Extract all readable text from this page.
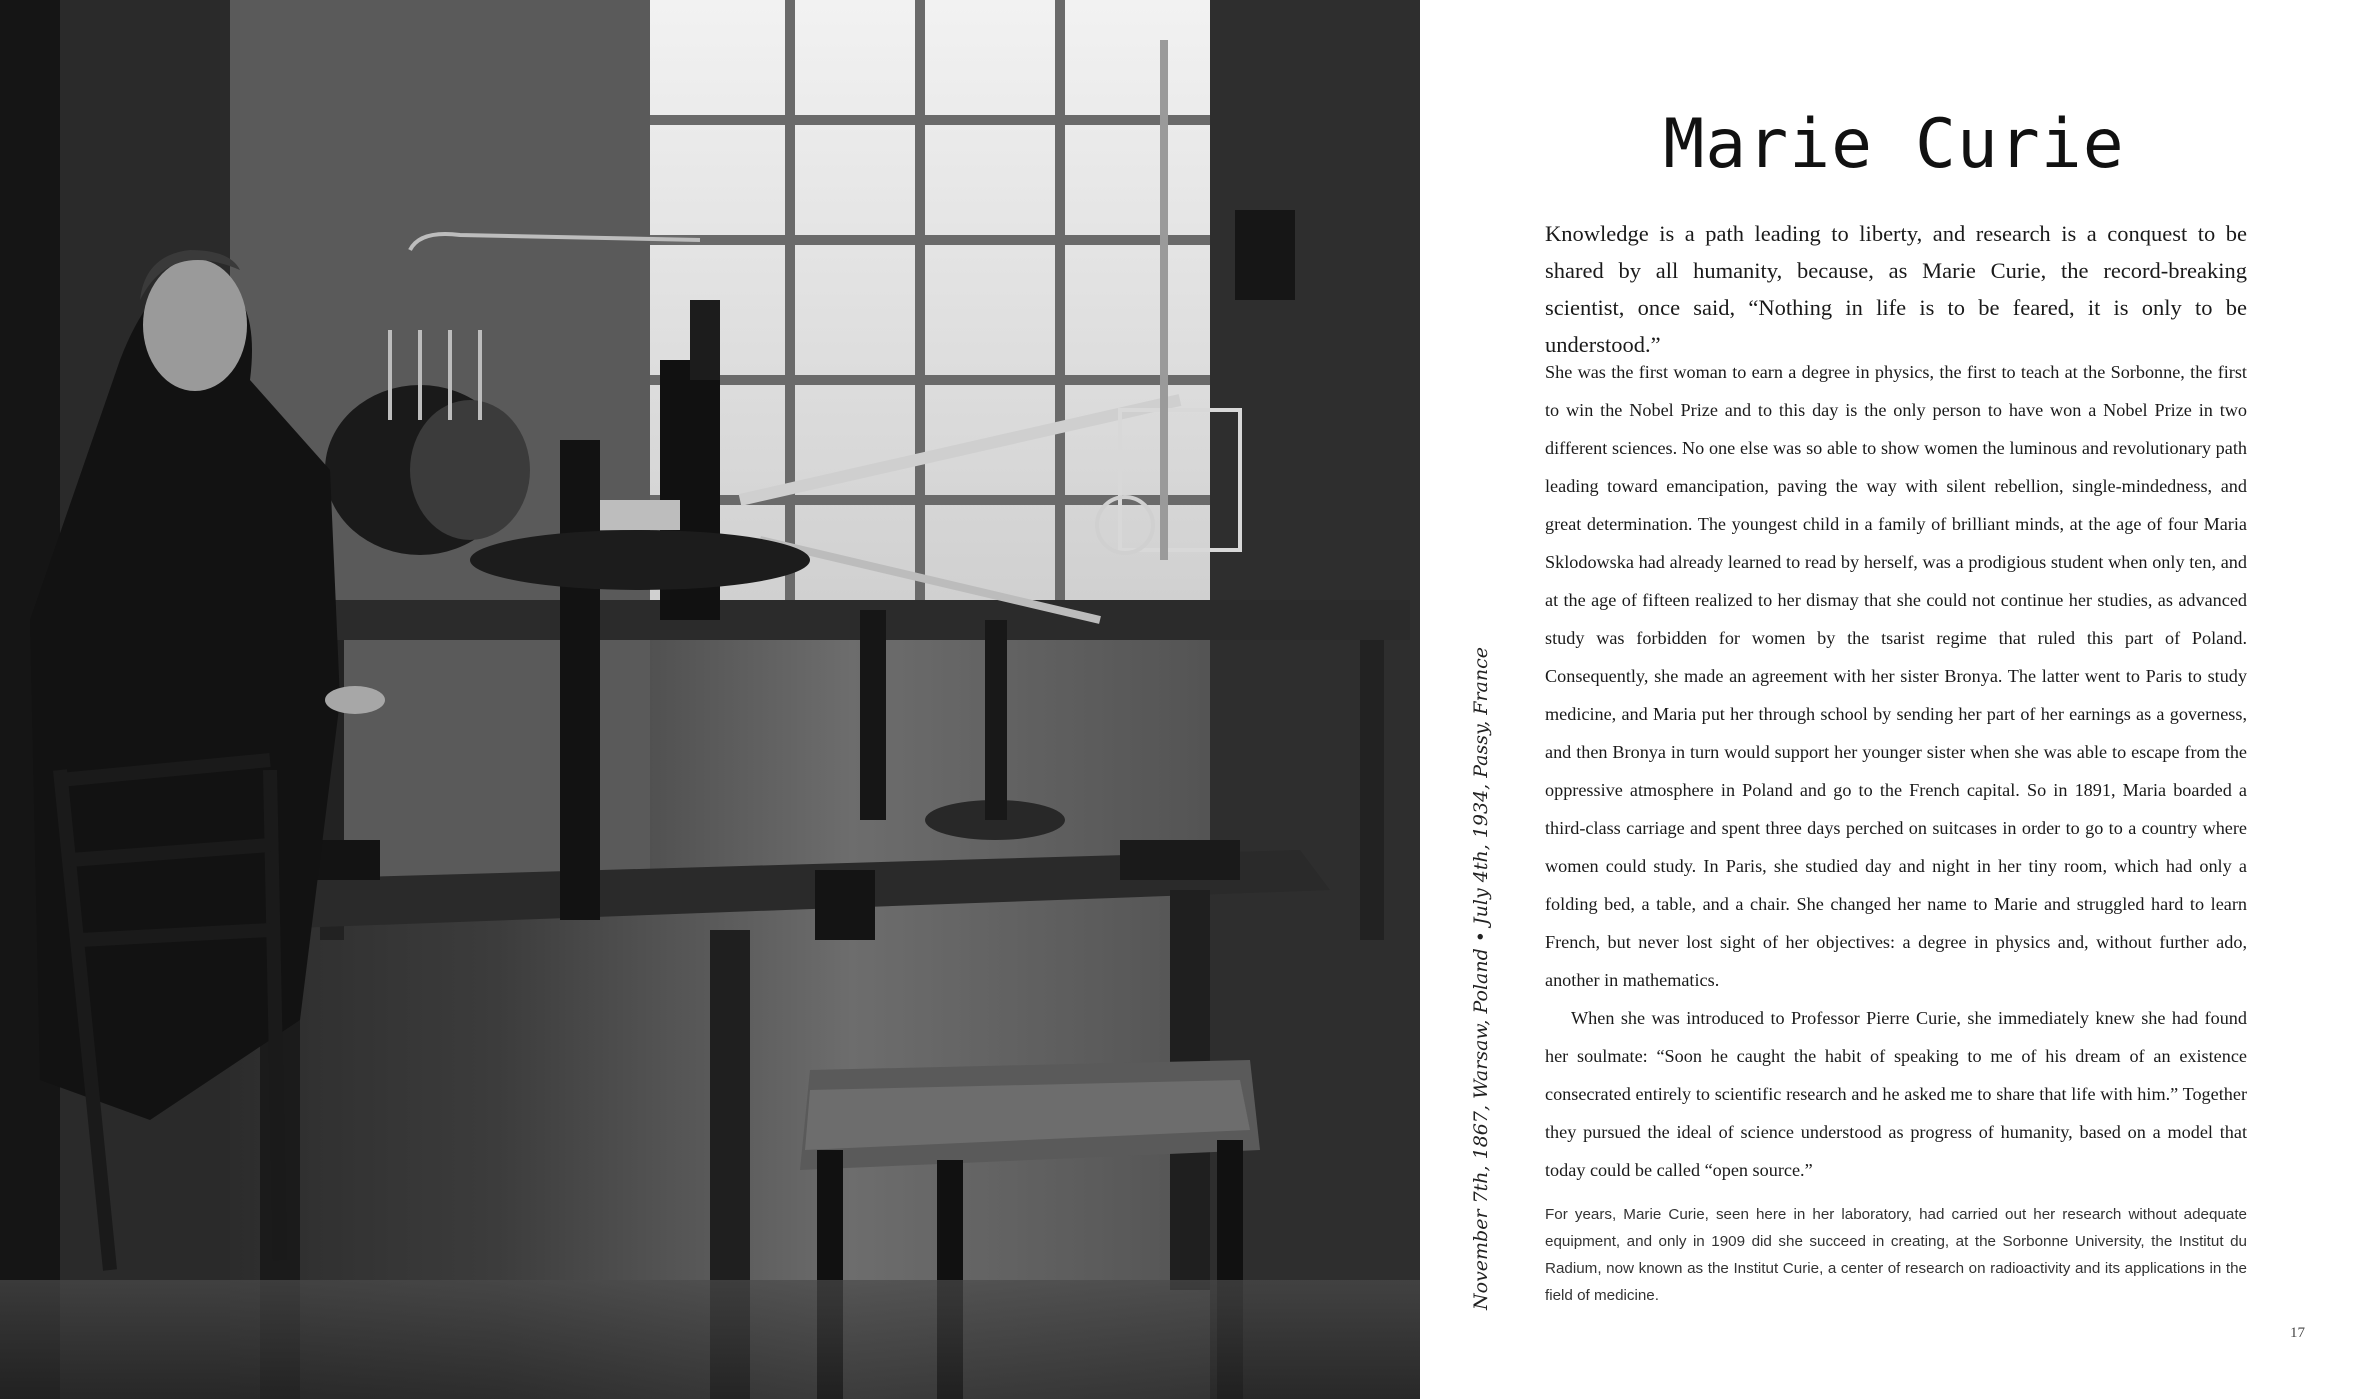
November 7th, 1867, Warsaw, Poland • July 4th, 1934, Passy, France
Marie Curie

Knowledge is a path leading to liberty, and research is a conquest to be shared by all humanity, because, as Marie Curie, the record-breaking scientist, once said, “Nothing in life is to be feared, it is only to be understood.”

She was the first woman to earn a degree in physics, the first to teach at the Sorbonne, the first to win the Nobel Prize and to this day is the only person to have won a Nobel Prize in two different sciences. No one else was so able to show women the luminous and revolutionary path leading toward emancipation, paving the way with silent rebellion, single-mindedness, and great determination. The youngest child in a family of brilliant minds, at the age of four Maria Sklodowska had already learned to read by herself, was a prodigious student when only ten, and at the age of fifteen realized to her dismay that she could not continue her studies, as advanced study was forbidden for women by the tsarist regime that ruled this part of Poland. Consequently, she made an agreement with her sister Bronya. The latter went to Paris to study medicine, and Maria put her through school by sending her part of her earnings as a governess, and then Bronya in turn would support her younger sister when she was able to escape from the oppressive atmosphere in Poland and go to the French capital. So in 1891, Maria boarded a third-class carriage and spent three days perched on suitcases in order to go to a country where women could study. In Paris, she studied day and night in her tiny room, which had only a folding bed, a table, and a chair. She changed her name to Marie and struggled hard to learn French, but never lost sight of her objectives: a degree in physics and, without further ado, another in mathematics.

When she was introduced to Professor Pierre Curie, she immediately knew she had found her soulmate: “Soon he caught the habit of speaking to me of his dream of an existence consecrated entirely to scientific research and he asked me to share that life with him.” Together they pursued the ideal of science understood as progress of humanity, based on a model that today could be called “open source.”

For years, Marie Curie, seen here in her laboratory, had carried out her research without adequate equipment, and only in 1909 did she succeed in creating, at the Sorbonne University, the Institut du Radium, now known as the Institut Curie, a center of research on radioactivity and its applications in the field of medicine.

17
